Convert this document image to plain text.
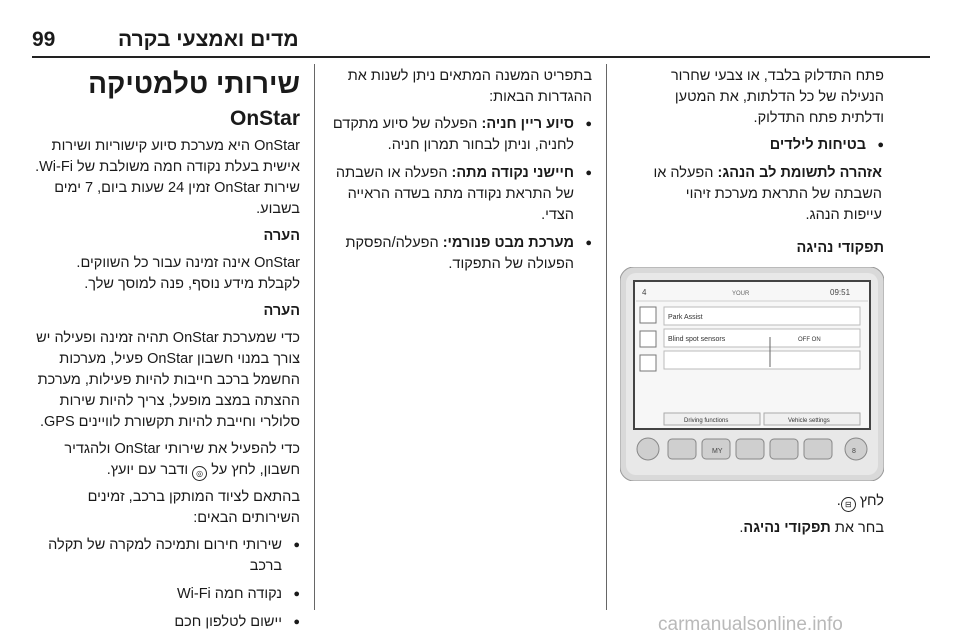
99	מדים ואמצעי בקרה

פתח התדלוק בלבד, או צבעי שחרור
הנעילה של כל הדלתות, את המטען
ודלתית פתח התדלוק.

● בטיחות לילדים

אזהרה לתשומת לב הנהג: הפעלה או
השבתה של התראת מערכת זיהוי
עייפות הנהג.

תפקודי נהיגה

4	YOUR	09:51
Park Assist
Blind spot sensors	OFF ON
Driving functions	Vehicle settings
MY	8

לחץ ⊟.

בחר את תפקודי נהיגה.

בתפריט המשנה המתאים ניתן לשנות את
ההגדרות הבאות:

● סיוע ריין חניה: הפעלה של סיוע מתקדם לחניה, וניתן לבחור תמרון חניה.
● חיישני נקודה מתה: הפעלה או השבתה של התראת נקודה מתה בשדה הראייה הצדי.
● מערכת מבט פנורמי: הפעלה/הפסקת הפעולה של התפקוד.
שירותי טלמטיקה
OnStar

OnStar היא מערכת סיוע קישוריות ושירות אישית בעלת נקודה חמה משולבת של Wi-Fi. שירות OnStar זמין 24 שעות ביום, 7 ימים בשבוע.

הערה

OnStar אינה זמינה עבור כל השווקים. לקבלת מידע נוסף, פנה למוסך שלך.

הערה

כדי שמערכת OnStar תהיה זמינה ופעילה יש צורך במנוי חשבון OnStar פעיל, מערכות החשמל ברכב חייבות להיות פעילות, מערכת ההצתה במצב מופעל, צריך להיות שירות סלולרי וחייבת להיות תקשורת לוויינים GPS.

כדי להפעיל את שירותי OnStar ולהגדיר חשבון, לחץ על ◎ ודבר עם יועץ.

בהתאם לציוד המותקן ברכב, זמינים השירותים הבאים:

● שירותי חירום ותמיכה למקרה של תקלה ברכב
● נקודה חמה Wi-Fi
● יישום לטלפון חכם	carmanualsonline.info
